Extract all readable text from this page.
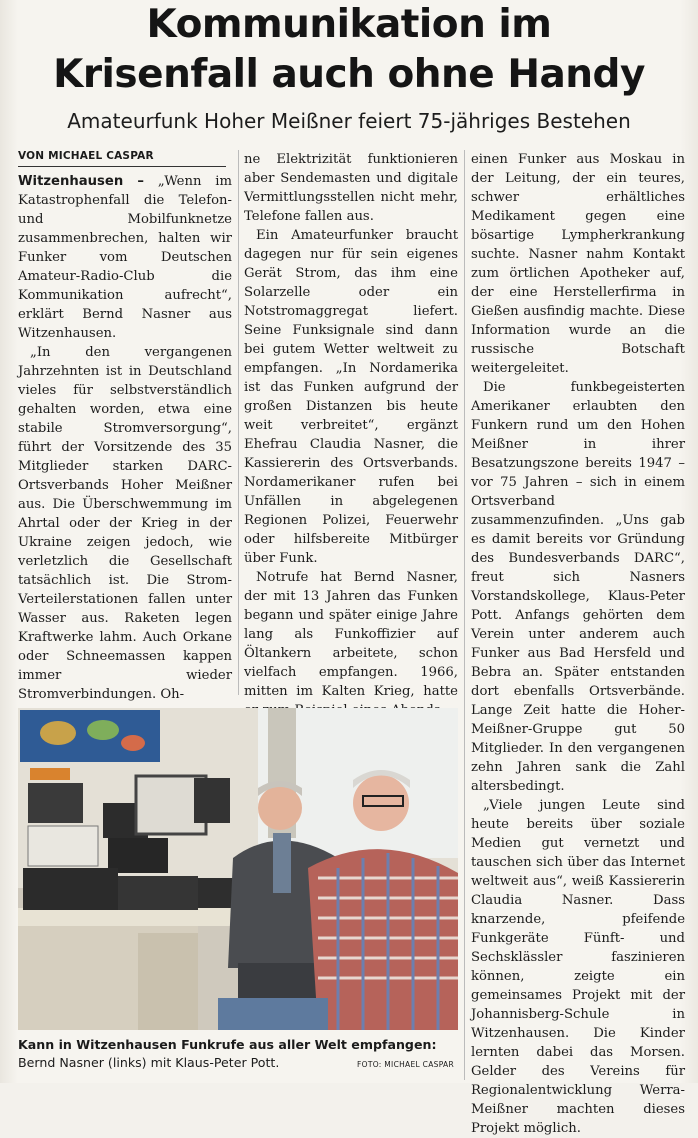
Kommunikation im
Krisenfall auch ohne Handy
Amateurfunk Hoher Meißner feiert 75-jähriges Bestehen
VON MICHAEL CASPAR

Witzenhausen – „Wenn im Katastrophenfall die Telefon- und Mobilfunknetze zusammenbrechen, halten wir Funker vom Deutschen Amateur-Radio-Club die Kommunikation aufrecht“, erklärt Bernd Nasner aus Witzenhausen.

„In den vergangenen Jahrzehnten ist in Deutschland vieles für selbstverständlich gehalten worden, etwa eine stabile Stromversorgung“, führt der Vorsitzende des 35 Mitglieder starken DARC-Ortsverbands Hoher Meißner aus. Die Überschwemmung im Ahrtal oder der Krieg in der Ukraine zeigen jedoch, wie verletzlich die Gesellschaft tatsächlich ist. Die Strom-Verteilerstationen fallen unter Wasser aus. Raketen legen Kraftwerke lahm. Auch Orkane oder Schneemassen kappen immer wieder Stromverbindungen. Oh-

ne Elektrizität funktionieren aber Sendemasten und digitale Vermittlungsstellen nicht mehr, Telefone fallen aus.

Ein Amateurfunker braucht dagegen nur für sein eigenes Gerät Strom, das ihm eine Solarzelle oder ein Notstromaggregat liefert. Seine Funksignale sind dann bei gutem Wetter weltweit zu empfangen. „In Nordamerika ist das Funken aufgrund der großen Distanzen bis heute weit verbreitet“, ergänzt Ehefrau Claudia Nasner, die Kassiererin des Ortsverbands. Nordamerikaner rufen bei Unfällen in abgelegenen Regionen Polizei, Feuerwehr oder hilfsbereite Mitbürger über Funk.

Notrufe hat Bernd Nasner, der mit 13 Jahren das Funken begann und später einige Jahre lang als Funkoffizier auf Öltankern arbeitete, schon vielfach empfangen. 1966, mitten im Kalten Krieg, hatte

einen Funker aus Moskau in der Leitung, der ein teures, schwer erhältliches Medikament gegen eine bösartige Lympherkrankung suchte. Nasner nahm Kontakt zum örtlichen Apotheker auf, der eine Herstellerfirma in Gießen ausfindig machte. Diese Information wurde an die russische Botschaft weitergeleitet.

Die funkbegeisterten Amerikaner erlaubten den Funkern rund um den Hohen Meißner in ihrer Besatzungszone bereits 1947 – vor 75 Jahren – sich in einem Ortsverband zusammenzufinden. „Uns gab es damit bereits vor Gründung des Bundesverbands DARC“, freut sich Nasners Vorstandskollege, Klaus-Peter Pott. Anfangs gehörten dem Verein unter anderem auch Funker aus Bad Hersfeld und Bebra an. Später entstanden dort ebenfalls Ortsverbände. Lange Zeit hatte die Hoher-Meißner-Gruppe gut 50 Mitglieder. In den vergangenen zehn Jahren sank die Zahl altersbedingt.

„Viele jungen Leute sind heute bereits über soziale Medien gut vernetzt und tauschen sich über das Internet weltweit aus“, weiß Kassiererin Claudia Nasner. Dass knarzende, pfeifende Funkgeräte Fünft- und Sechsklässler faszinieren können, zeigte ein gemeinsames Projekt mit der Johannisberg-Schule in Witzenhausen. Die Kinder lernten dabei das Morsen. Gelder des Vereins für Regionalentwicklung Werra-Meißner machten dieses Projekt möglich.

Kann in Witzenhausen Funkrufe aus aller Welt empfangen:
Bernd Nasner (links) mit Klaus-Peter Pott.	FOTO: MICHAEL CASPAR
